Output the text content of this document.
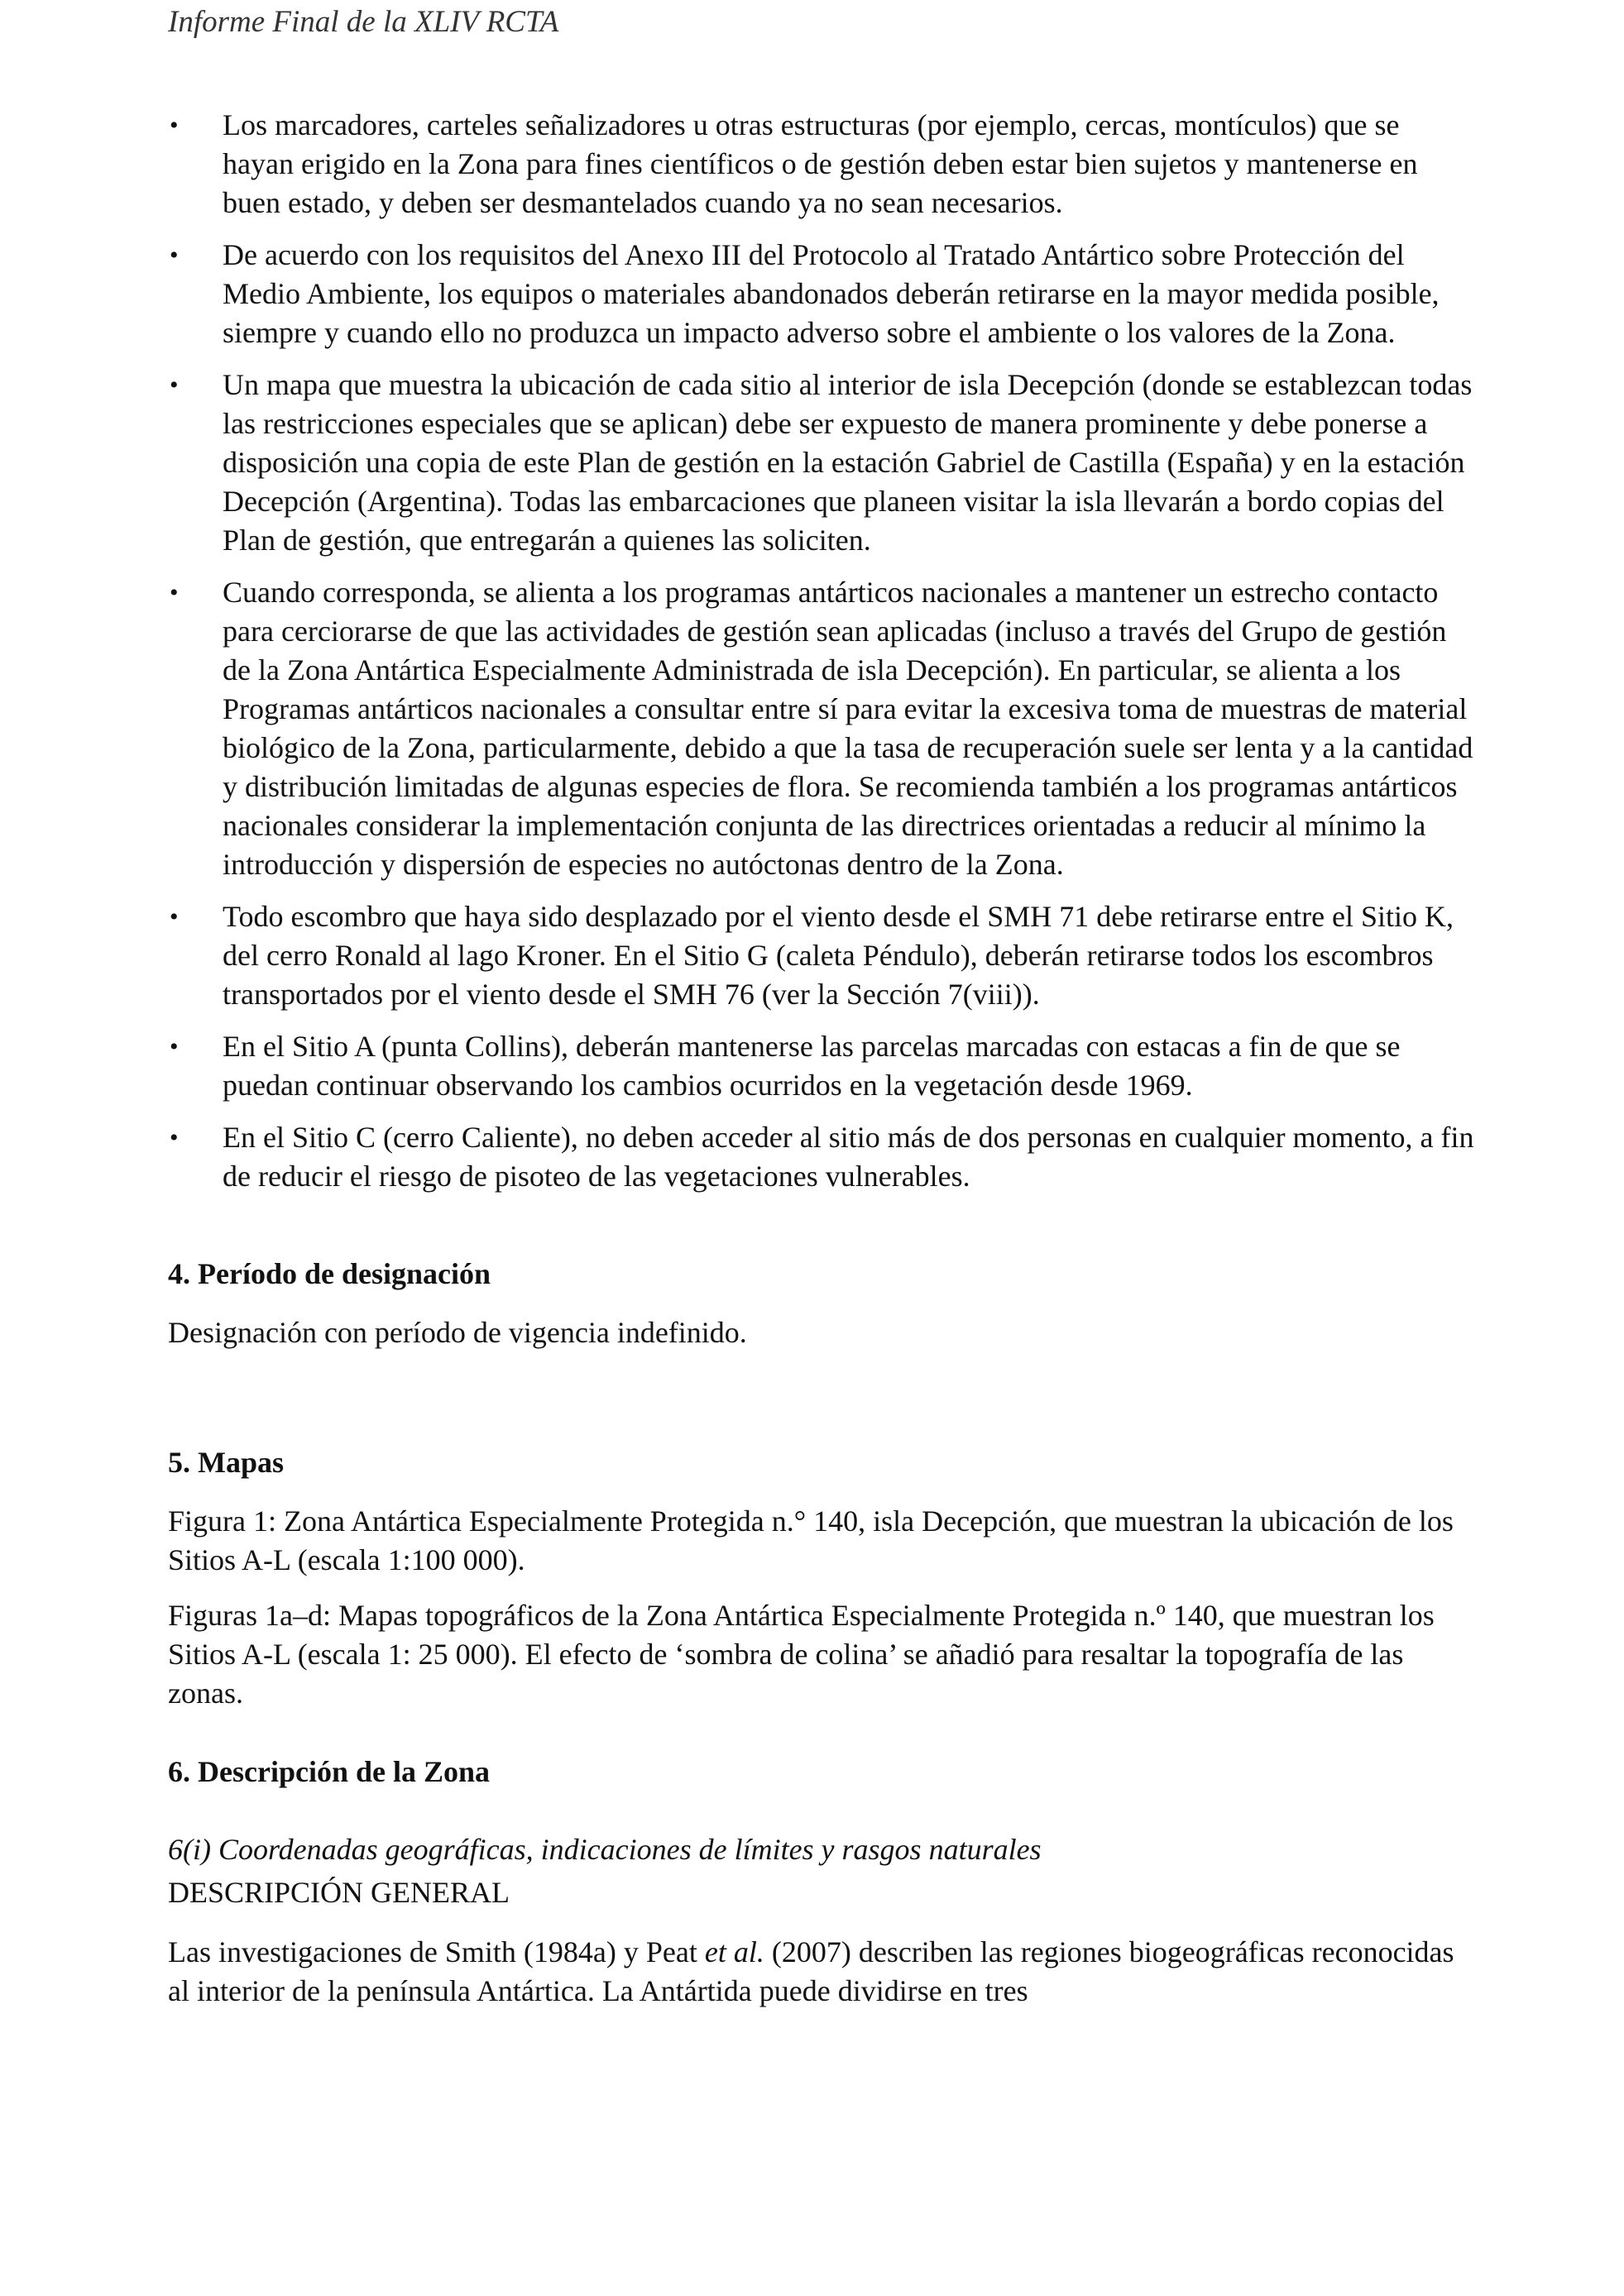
Informe Final de la XLIV RCTA
• Los marcadores, carteles señalizadores u otras estructuras (por ejemplo, cercas, montículos) que se hayan erigido en la Zona para fines científicos o de gestión deben estar bien sujetos y mantenerse en buen estado, y deben ser desmantelados cuando ya no sean necesarios.
• De acuerdo con los requisitos del Anexo III del Protocolo al Tratado Antártico sobre Protección del Medio Ambiente, los equipos o materiales abandonados deberán retirarse en la mayor medida posible, siempre y cuando ello no produzca un impacto adverso sobre el ambiente o los valores de la Zona.
• Un mapa que muestra la ubicación de cada sitio al interior de isla Decepción (donde se establezcan todas las restricciones especiales que se aplican) debe ser expuesto de manera prominente y debe ponerse a disposición una copia de este Plan de gestión en la estación Gabriel de Castilla (España) y en la estación Decepción (Argentina). Todas las embarcaciones que planeen visitar la isla llevarán a bordo copias del Plan de gestión, que entregarán a quienes las soliciten.
• Cuando corresponda, se alienta a los programas antárticos nacionales a mantener un estrecho contacto para cerciorarse de que las actividades de gestión sean aplicadas (incluso a través del Grupo de gestión de la Zona Antártica Especialmente Administrada de isla Decepción). En particular, se alienta a los Programas antárticos nacionales a consultar entre sí para evitar la excesiva toma de muestras de material biológico de la Zona, particularmente, debido a que la tasa de recuperación suele ser lenta y a la cantidad y distribución limitadas de algunas especies de flora. Se recomienda también a los programas antárticos nacionales considerar la implementación conjunta de las directrices orientadas a reducir al mínimo la introducción y dispersión de especies no autóctonas dentro de la Zona.
• Todo escombro que haya sido desplazado por el viento desde el SMH 71 debe retirarse entre el Sitio K, del cerro Ronald al lago Kroner. En el Sitio G (caleta Péndulo), deberán retirarse todos los escombros transportados por el viento desde el SMH 76 (ver la Sección 7(viii)).
• En el Sitio A (punta Collins), deberán mantenerse las parcelas marcadas con estacas a fin de que se puedan continuar observando los cambios ocurridos en la vegetación desde 1969.
• En el Sitio C (cerro Caliente), no deben acceder al sitio más de dos personas en cualquier momento, a fin de reducir el riesgo de pisoteo de las vegetaciones vulnerables.

4. Período de designación

Designación con período de vigencia indefinido.

5. Mapas

Figura 1: Zona Antártica Especialmente Protegida n.° 140, isla Decepción, que muestran la ubicación de los Sitios A-L (escala 1:100 000).

Figuras 1a–d: Mapas topográficos de la Zona Antártica Especialmente Protegida n.º 140, que muestran los Sitios A-L (escala 1: 25 000). El efecto de ‘sombra de colina’ se añadió para resaltar la topografía de las zonas.

6. Descripción de la Zona

6(i) Coordenadas geográficas, indicaciones de límites y rasgos naturales

DESCRIPCIÓN GENERAL

Las investigaciones de Smith (1984a) y Peat et al. (2007) describen las regiones biogeográficas reconocidas al interior de la península Antártica. La Antártida puede dividirse en tres
